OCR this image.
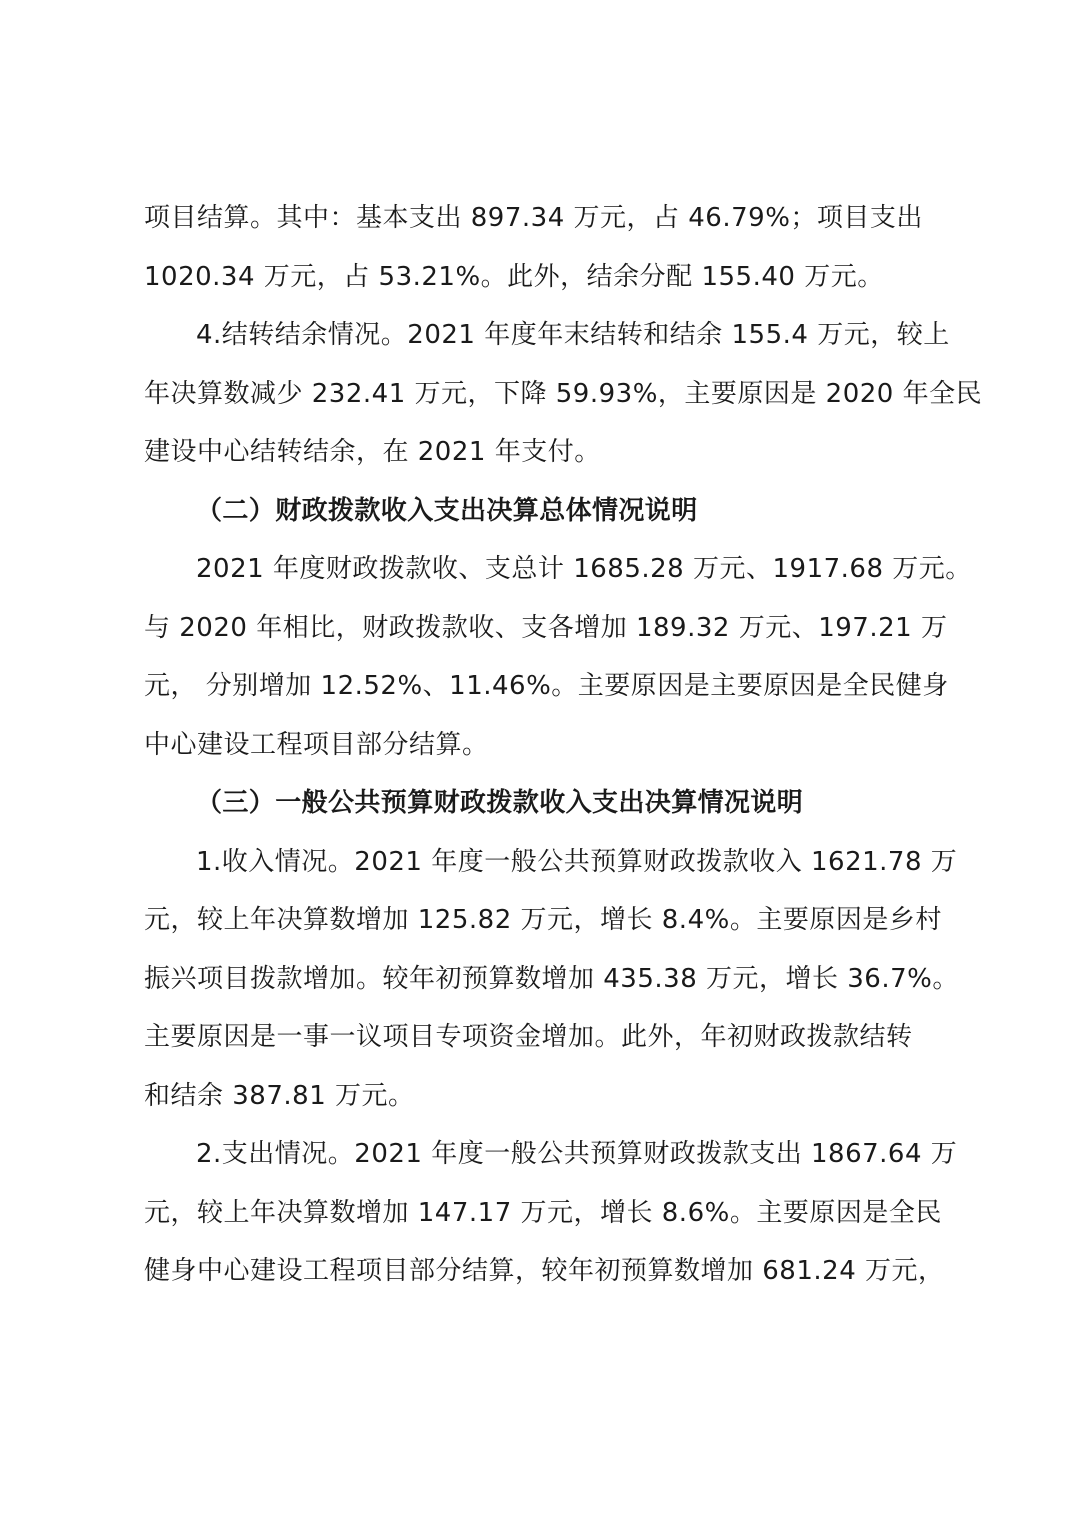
项目结算。其中：基本支出 897.34 万元，占 46.79%；项目支出
1020.34 万元，占 53.21%。此外，结余分配 155.40 万元。
4.结转结余情况。2021 年度年末结转和结余 155.4 万元，较上
年决算数减少 232.41 万元，下降 59.93%，主要原因是 2020 年全民
建设中心结转结余，在 2021 年支付。
（二）财政拨款收入支出决算总体情况说明
2021 年度财政拨款收、支总计 1685.28 万元、1917.68 万元。
与 2020 年相比，财政拨款收、支各增加 189.32 万元、197.21 万
元， 分别增加 12.52%、11.46%。主要原因是主要原因是全民健身
中心建设工程项目部分结算。
（三）一般公共预算财政拨款收入支出决算情况说明
1.收入情况。2021 年度一般公共预算财政拨款收入 1621.78 万
元，较上年决算数增加 125.82 万元，增长 8.4%。主要原因是乡村
振兴项目拨款增加。较年初预算数增加 435.38 万元，增长 36.7%。
主要原因是一事一议项目专项资金增加。此外，年初财政拨款结转
和结余 387.81 万元。
2.支出情况。2021 年度一般公共预算财政拨款支出 1867.64 万
元，较上年决算数增加 147.17 万元，增长 8.6%。主要原因是全民
健身中心建设工程项目部分结算，较年初预算数增加 681.24 万元，
